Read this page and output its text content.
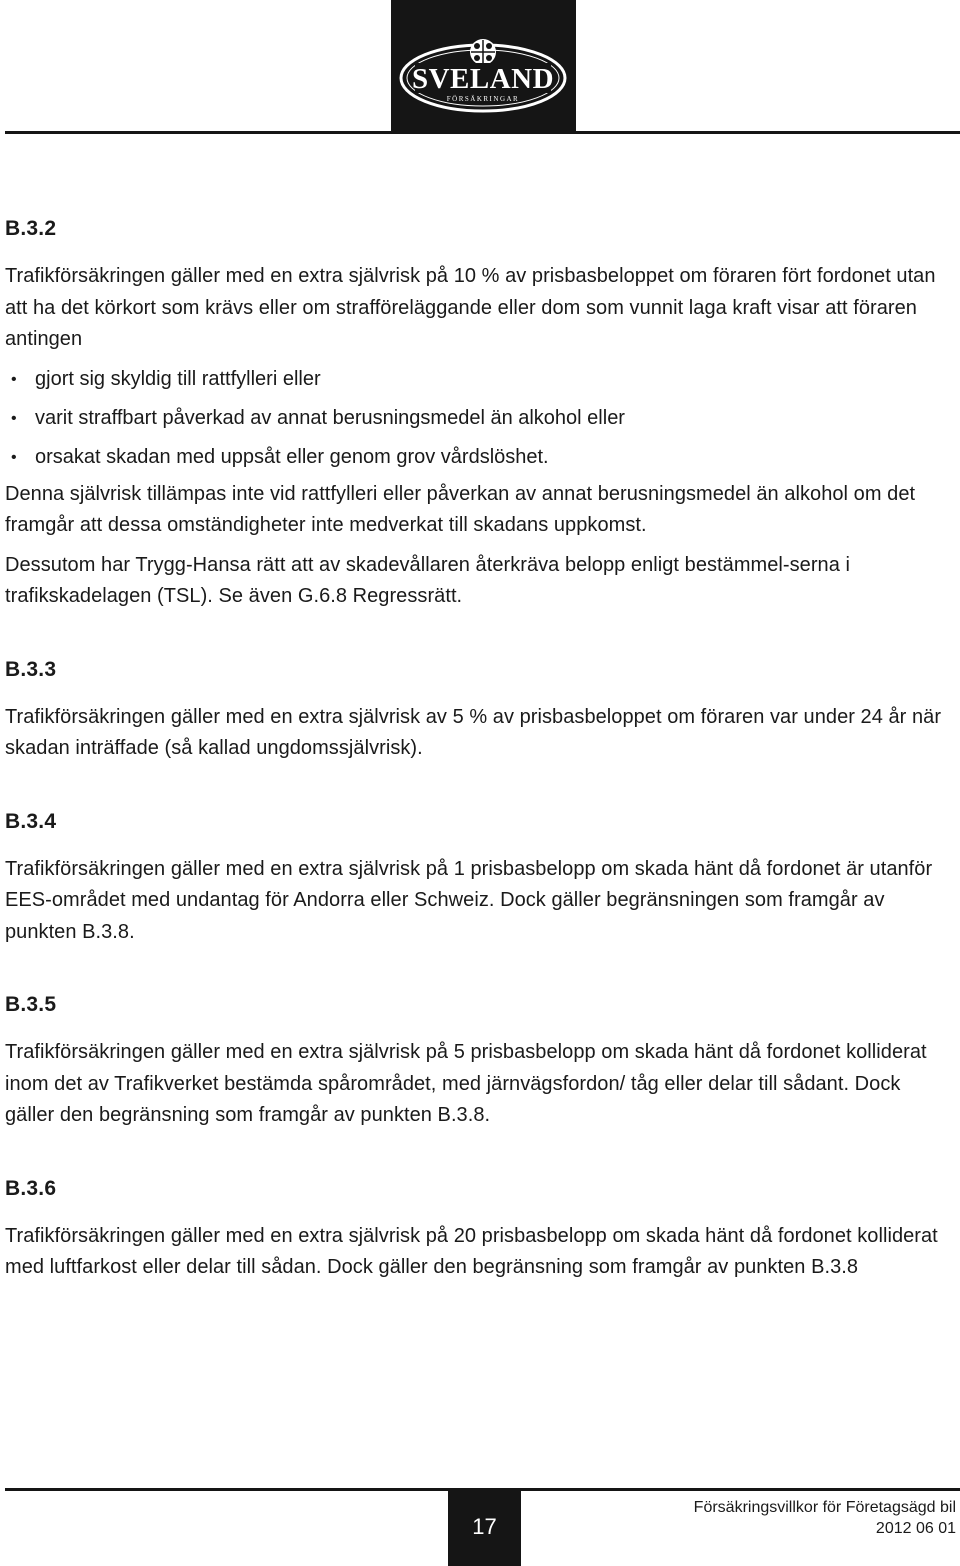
SVELAND
FÖRSÄKRINGAR
B.3.2

Trafikförsäkringen gäller med en extra självrisk på 10 % av prisbasbeloppet om föraren fört fordonet utan att ha det körkort som krävs eller om strafföreläggande eller dom som vunnit laga kraft visar att föraren antingen

• gjort sig skyldig till rattfylleri eller
• varit straffbart påverkad av annat berusningsmedel än alkohol eller
• orsakat skadan med uppsåt eller genom grov vårdslöshet.

Denna självrisk tillämpas inte vid rattfylleri eller påverkan av annat berusningsmedel än alkohol om det framgår att dessa omständigheter inte medverkat till skadans uppkomst.

Dessutom har Trygg-Hansa rätt att av skadevållaren återkräva belopp enligt bestämmel-serna i trafikskadelagen (TSL). Se även G.6.8 Regressrätt.

B.3.3

Trafikförsäkringen gäller med en extra självrisk av 5 % av prisbasbeloppet om föraren var under 24 år när skadan inträffade (så kallad ungdomssjälvrisk).

B.3.4

Trafikförsäkringen gäller med en extra självrisk på 1 prisbasbelopp om skada hänt då fordonet är utanför EES-området med undantag för Andorra eller Schweiz. Dock gäller begränsningen som framgår av punkten B.3.8.

B.3.5

Trafikförsäkringen gäller med en extra självrisk på 5 prisbasbelopp om skada hänt då fordonet kolliderat inom det av Trafikverket bestämda spårområdet, med järnvägsfordon/ tåg eller delar till sådant. Dock gäller den begränsning som framgår av punkten B.3.8.

B.3.6

Trafikförsäkringen gäller med en extra självrisk på 20 prisbasbelopp om skada hänt då fordonet kolliderat med luftfarkost eller delar till sådan. Dock gäller den begränsning som framgår av punkten B.3.8

17
Försäkringsvillkor för Företagsägd bil
2012 06 01
